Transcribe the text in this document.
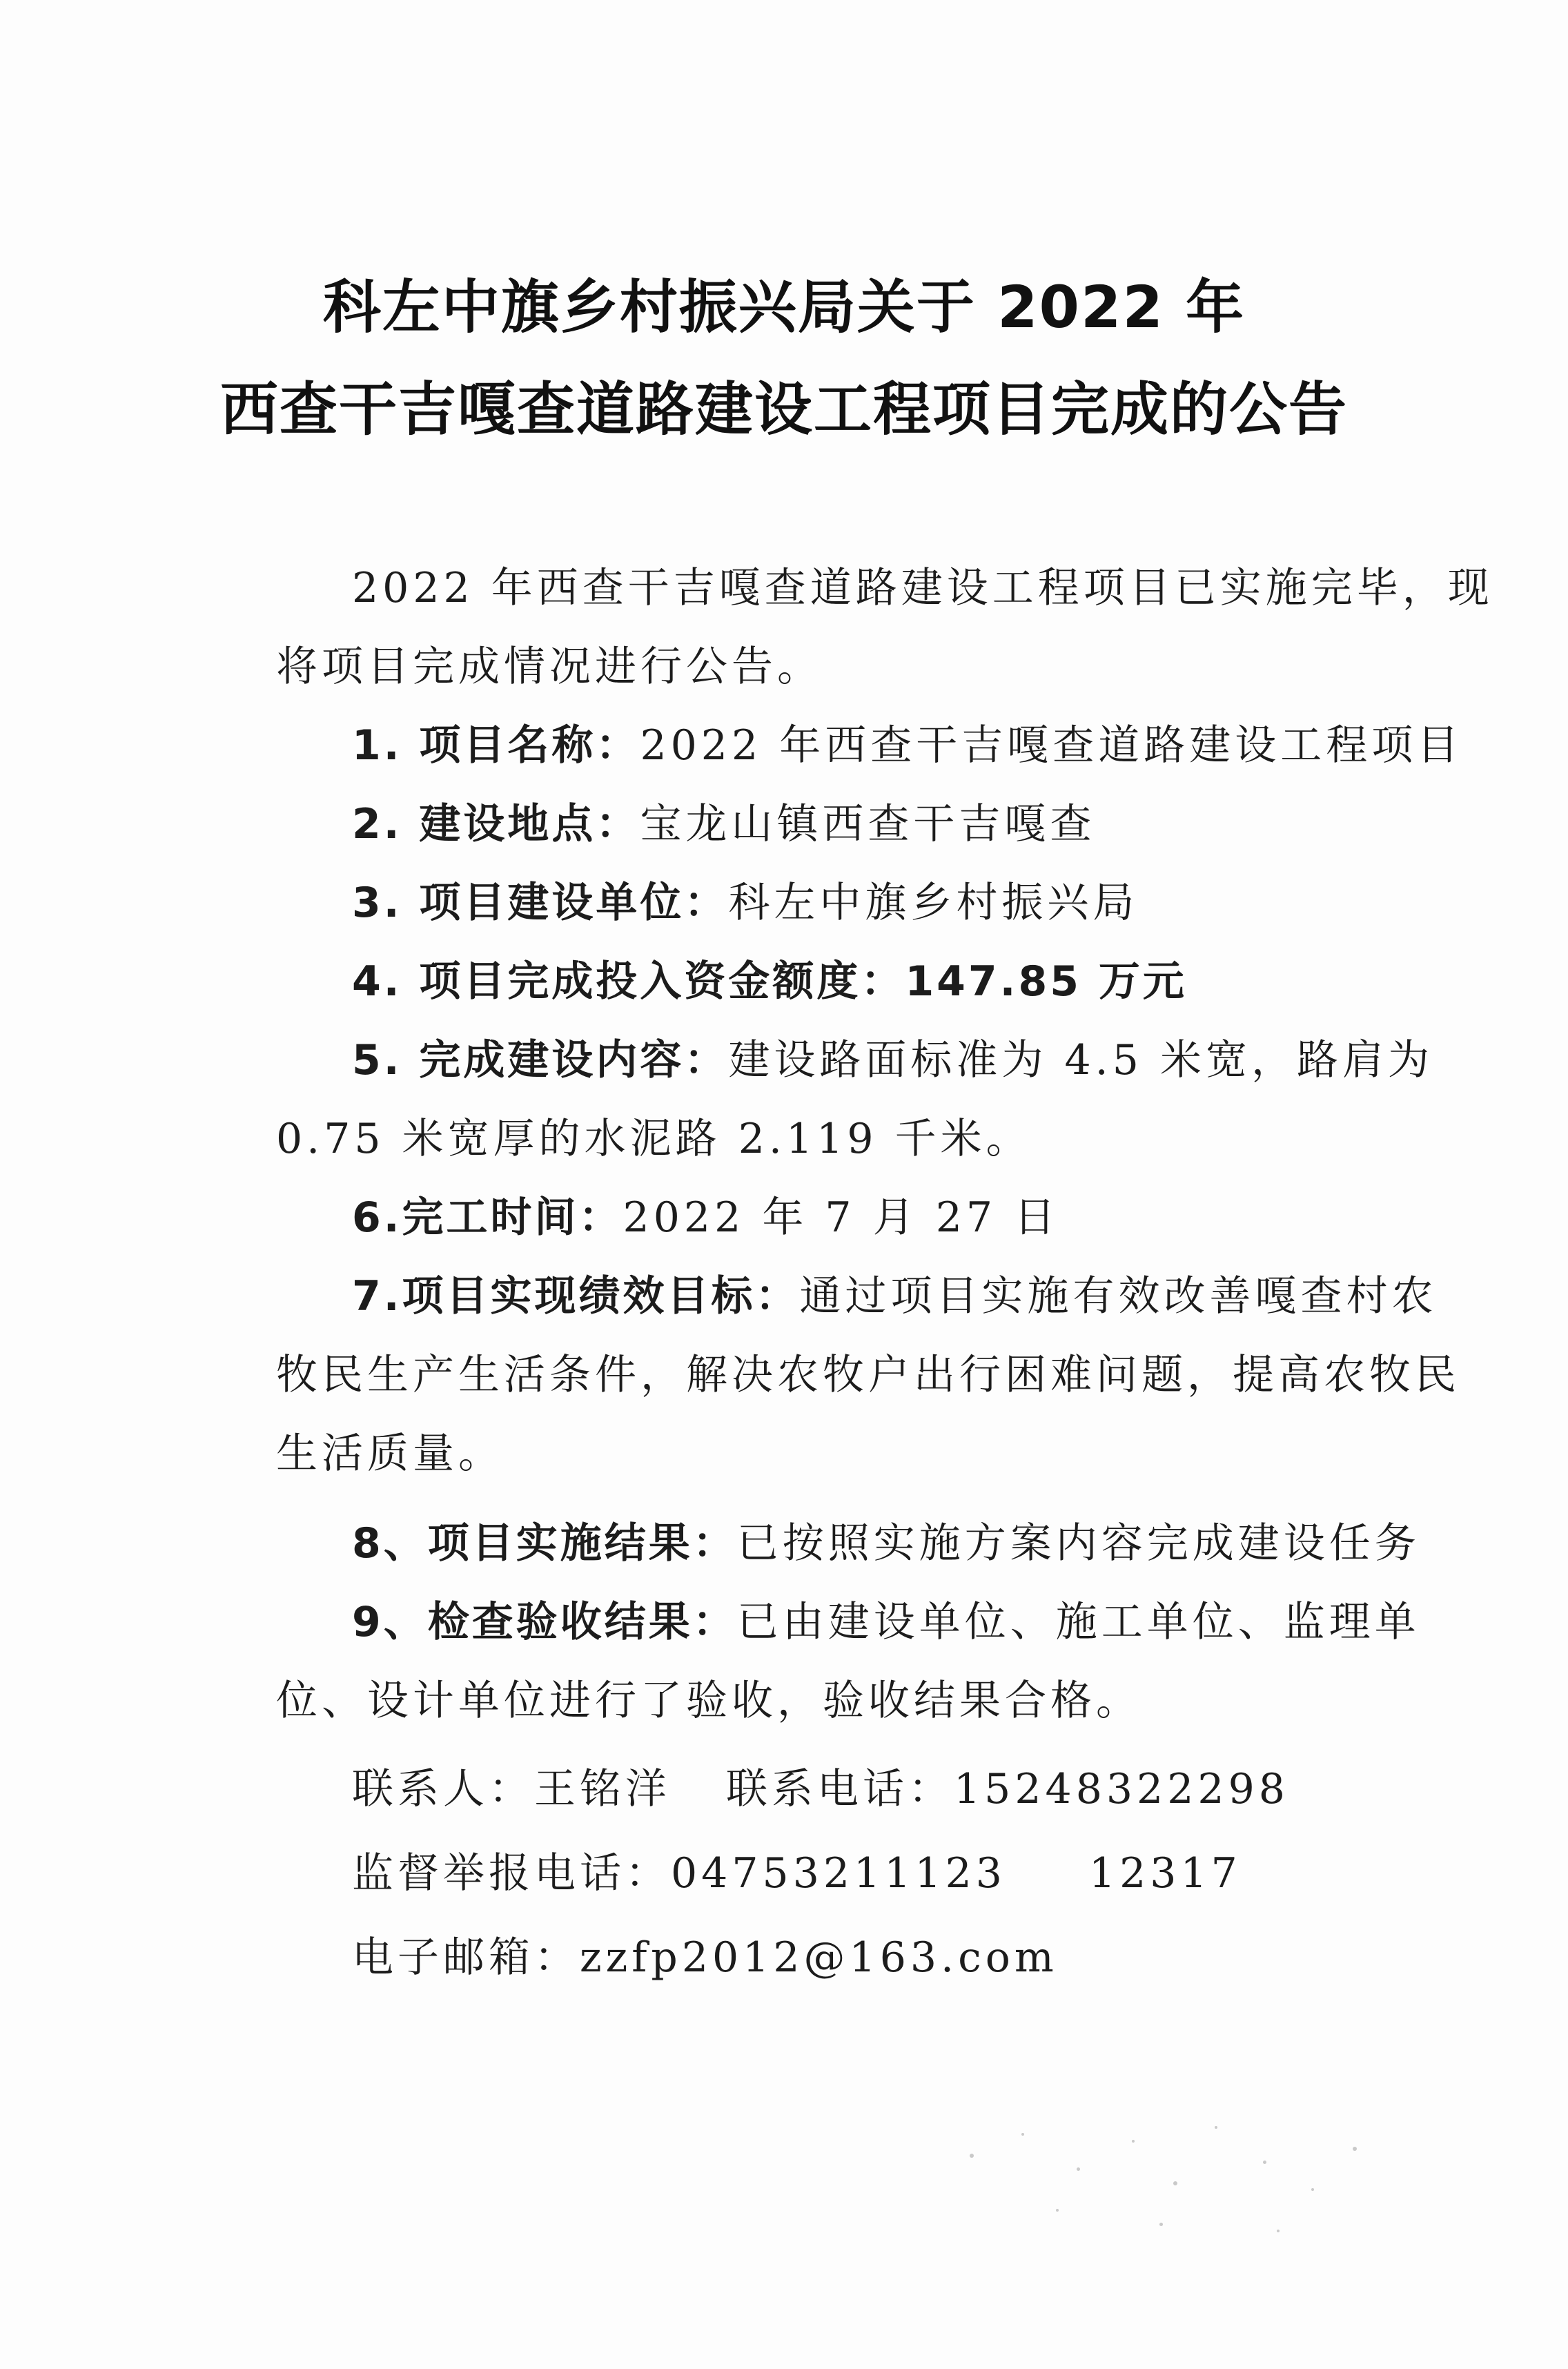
科左中旗乡村振兴局关于 2022 年
西查干吉嘎查道路建设工程项目完成的公告
2022 年西查干吉嘎查道路建设工程项目已实施完毕，现
将项目完成情况进行公告。
1. 项目名称：2022 年西查干吉嘎查道路建设工程项目
2. 建设地点：宝龙山镇西查干吉嘎查
3. 项目建设单位：科左中旗乡村振兴局
4. 项目完成投入资金额度：147.85 万元
5. 完成建设内容：建设路面标准为 4.5 米宽，路肩为
0.75 米宽厚的水泥路 2.119 千米。
6.完工时间：2022 年 7 月 27 日
7.项目实现绩效目标：通过项目实施有效改善嘎查村农
牧民生产生活条件，解决农牧户出行困难问题，提高农牧民
生活质量。
8、项目实施结果：已按照实施方案内容完成建设任务
9、检查验收结果：已由建设单位、施工单位、监理单
位、设计单位进行了验收，验收结果合格。
联系人：王铭洋 联系电话：15248322298
监督举报电话：04753211123 12317
电子邮箱：zzfp2012@163.com
